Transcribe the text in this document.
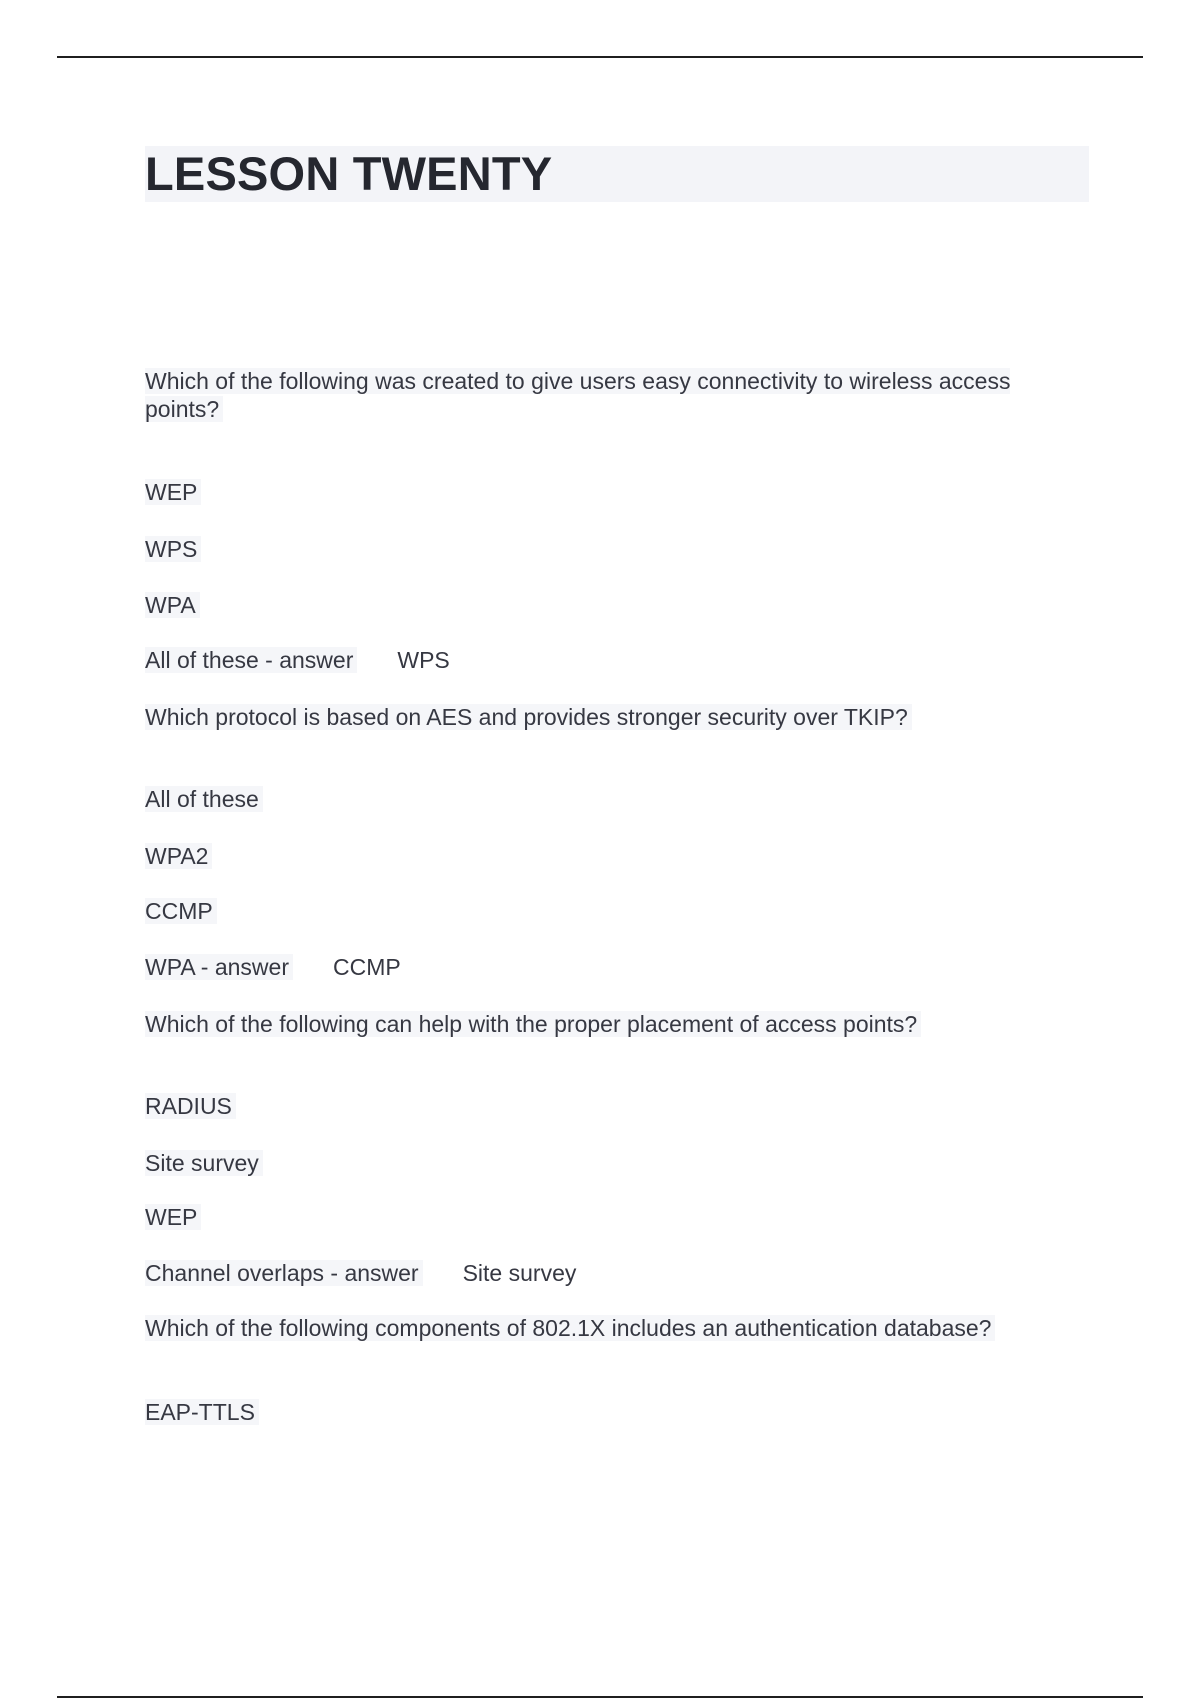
LESSON TWENTY
Which of the following was created to give users easy connectivity to wireless access points?
WEP
WPS
WPA
All of these - answer WPS
Which protocol is based on AES and provides stronger security over TKIP?
All of these
WPA2
CCMP
WPA - answer CCMP
Which of the following can help with the proper placement of access points?
RADIUS
Site survey
WEP
Channel overlaps - answer Site survey
Which of the following components of 802.1X includes an authentication database?
EAP-TTLS
